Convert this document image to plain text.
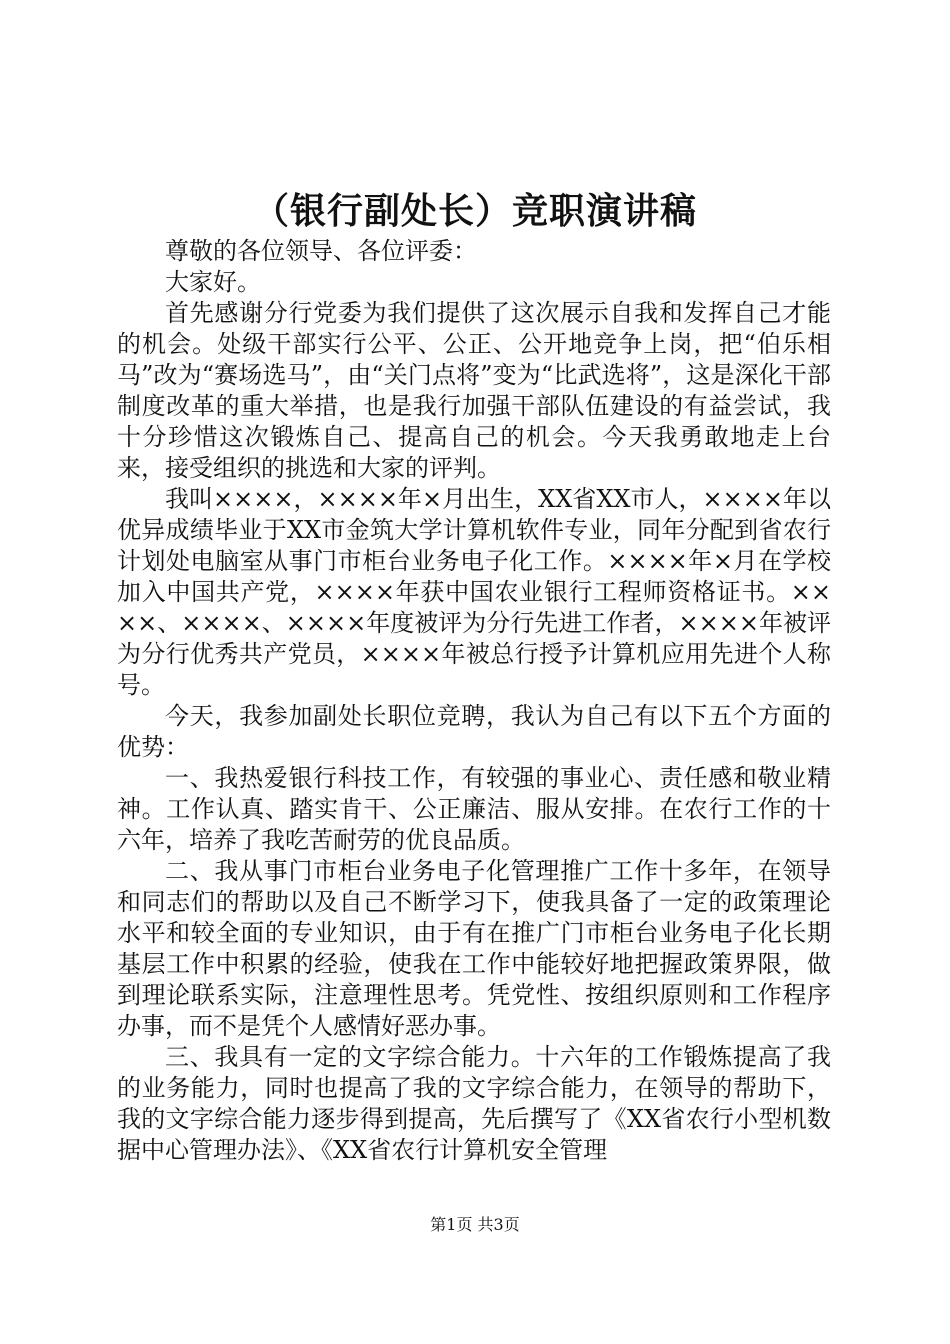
（银行副处长）竞职演讲稿

尊敬的各位领导、各位评委：

大家好。

首先感谢分行党委为我们提供了这次展示自我和发挥自己才能的机会。处级干部实行公平、公正、公开地竞争上岗，把“伯乐相马”改为“赛场选马”，由“关门点将”变为“比武选将”，这是深化干部制度改革的重大举措，也是我行加强干部队伍建设的有益尝试，我十分珍惜这次锻炼自己、提高自己的机会。今天我勇敢地走上台来，接受组织的挑选和大家的评判。

我叫××××，××××年×月出生，XX省XX市人，××××年以优异成绩毕业于XX市金筑大学计算机软件专业，同年分配到省农行计划处电脑室从事门市柜台业务电子化工作。××××年×月在学校加入中国共产党，××××年获中国农业银行工程师资格证书。××××、××××、××××年度被评为分行先进工作者，××××年被评为分行优秀共产党员，××××年被总行授予计算机应用先进个人称号。

今天，我参加副处长职位竞聘，我认为自己有以下五个方面的优势：

一、我热爱银行科技工作，有较强的事业心、责任感和敬业精神。工作认真、踏实肯干、公正廉洁、服从安排。在农行工作的十六年，培养了我吃苦耐劳的优良品质。

二、我从事门市柜台业务电子化管理推广工作十多年，在领导和同志们的帮助以及自己不断学习下，使我具备了一定的政策理论水平和较全面的专业知识，由于有在推广门市柜台业务电子化长期基层工作中积累的经验，使我在工作中能较好地把握政策界限，做到理论联系实际，注意理性思考。凭党性、按组织原则和工作程序办事，而不是凭个人感情好恶办事。

三、我具有一定的文字综合能力。十六年的工作锻炼提高了我的业务能力，同时也提高了我的文字综合能力，在领导的帮助下，我的文字综合能力逐步得到提高，先后撰写了《XX省农行小型机数据中心管理办法》、《XX省农行计算机安全管理

第1页 共3页
